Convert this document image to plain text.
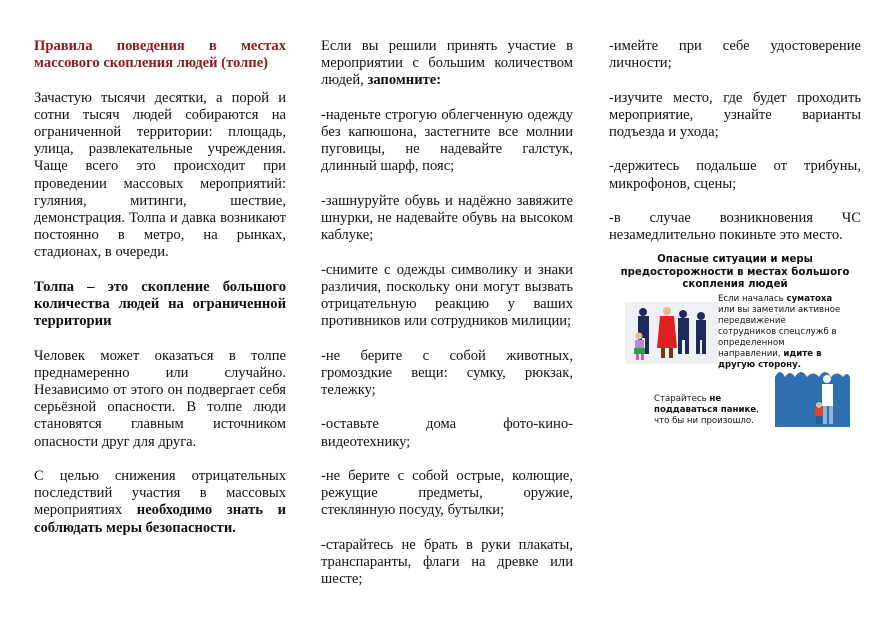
Правила поведения в местах массового скопления людей (толпе)

Зачастую тысячи десятки, а порой и сотни тысяч людей собираются на ограниченной территории: площадь, улица, развлекательные учреждения. Чаще всего это происходит при проведении массовых мероприятий: гуляния, митинги, шествие, демонстрация. Толпа и давка возникают постоянно в метро, на рынках, стадионах, в очереди.

Толпа – это скопление большого количества людей на ограниченной территории

Человек может оказаться в толпе преднамеренно или случайно. Независимо от этого он подвергает себя серьёзной опасности. В толпе люди становятся главным источником опасности друг для друга.

С целью снижения отрицательных последствий участия в массовых мероприятиях необходимо знать и соблюдать меры безопасности.

Если вы решили принять участие в мероприятии с большим количеством людей, запомните:

-наденьте строгую облегченную одежду без капюшона, застегните все молнии пуговицы, не надевайте галстук, длинный шарф, пояс;

-зашнуруйте обувь и надёжно завяжите шнурки, не надевайте обувь на высоком каблуке;

-снимите с одежды символику и знаки различия, поскольку они могут вызвать отрицательную реакцию у ваших противников или сотрудников милиции;

-не берите с собой животных, громоздкие вещи: сумку, рюкзак, тележку;

-оставьте дома фото-кино-видеотехнику;

-не берите с собой острые, колющие, режущие предметы, оружие, стеклянную посуду, бутылки;

-старайтесь не брать в руки плакаты, транспаранты, флаги на древке или шесте;

-имейте при себе удостоверение личности;

-изучите место, где будет проходить мероприятие, узнайте варианты подъезда и ухода;

-держитесь подальше от трибуны, микрофонов, сцены;

-в случае возникновения ЧС незамедлительно покиньте это место.

Опасные ситуации и меры предосторожности в местах большого скопления людей
Если началась суматоха или вы заметили активное передвижение сотрудников спецслужб в определенном направлении, идите в другую сторону.
Старайтесь не поддаваться панике, что бы ни произошло.
